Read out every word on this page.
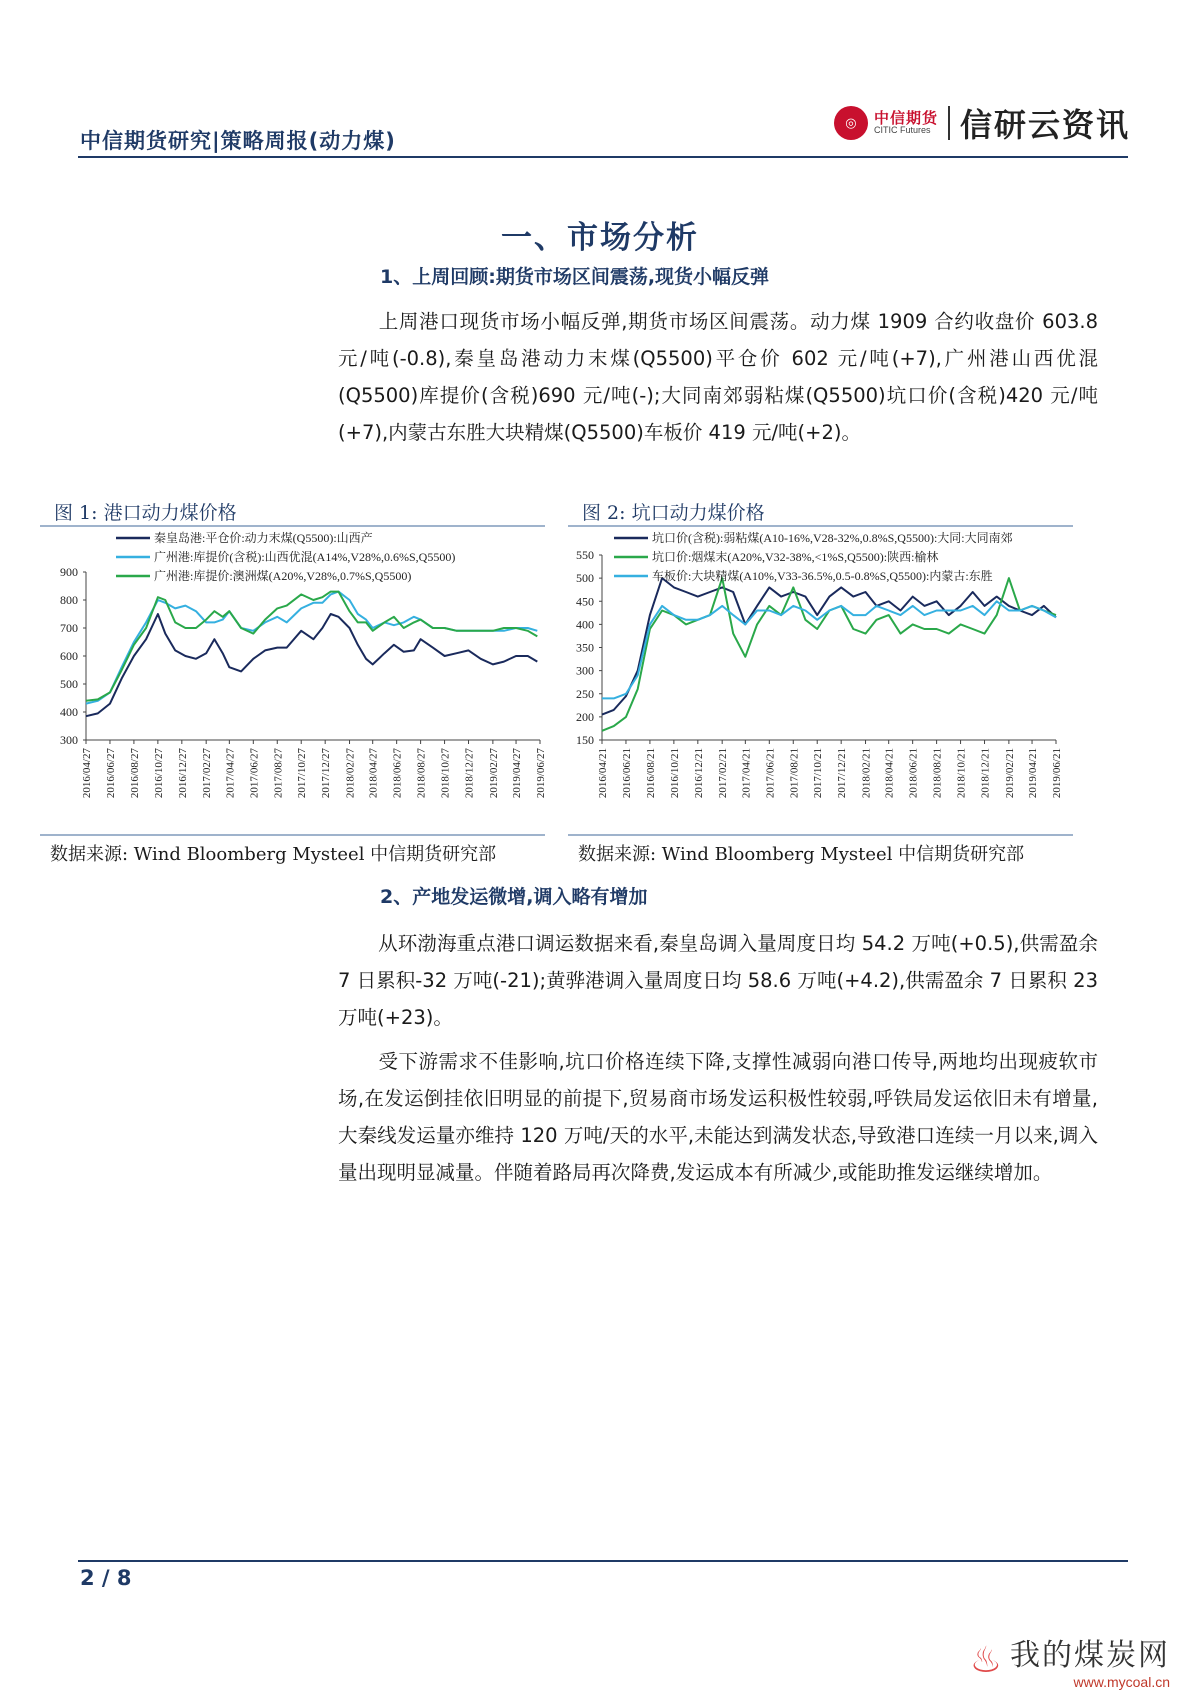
中信期货研究|策略周报(动力煤)
◎	中信期货
CITIC Futures 信研云资讯
一、市场分析
1、上周回顾:期货市场区间震荡,现货小幅反弹
上周港口现货市场小幅反弹,期货市场区间震荡。动力煤 1909 合约收盘价 603.8 元/吨(-0.8),秦皇岛港动力末煤(Q5500)平仓价 602 元/吨(+7),广州港山西优混(Q5500)库提价(含税)690 元/吨(-);大同南郊弱粘煤(Q5500)坑口价(含税)420 元/吨(+7),内蒙古东胜大块精煤(Q5500)车板价 419 元/吨(+2)。
图 1: 港口动力煤价格	图 2: 坑口动力煤价格
300
400
500
600
700
800
900
2016/04/27 2016/06/27 2016/08/27 2016/10/27 2016/12/27 2017/02/27 2017/04/27 2017/06/27 2017/08/27 2017/10/27 2017/12/27 2018/02/27 2018/04/27 2018/06/27 2018/08/27 2018/10/27 2018/12/27 2019/02/27 2019/04/27 2019/06/27
秦皇岛港:平仓价:动力末煤(Q5500):山西产
广州港:库提价(含税):山西优混(A14%,V28%,0.6%S,Q5500)
广州港:库提价:澳洲煤(A20%,V28%,0.7%S,Q5500)
150
200
250
300
350
400
450
500
550
2016/04/21 2016/06/21 2016/08/21 2016/10/21 2016/12/21 2017/02/21 2017/04/21 2017/06/21 2017/08/21 2017/10/21 2017/12/21 2018/02/21 2018/04/21 2018/06/21 2018/08/21 2018/10/21 2018/12/21 2019/02/21 2019/04/21 2019/06/21
坑口价(含税):弱粘煤(A10-16%,V28-32%,0.8%S,Q5500):大同:大同南郊
坑口价:烟煤末(A20%,V32-38%,<1%S,Q5500):陕西:榆林
车板价:大块精煤(A10%,V33-36.5%,0.5-0.8%S,Q5500):内蒙古:东胜
数据来源: Wind Bloomberg Mysteel 中信期货研究部	数据来源: Wind Bloomberg Mysteel 中信期货研究部
2、产地发运微增,调入略有增加
从环渤海重点港口调运数据来看,秦皇岛调入量周度日均 54.2 万吨(+0.5),供需盈余 7 日累积-32 万吨(-21);黄骅港调入量周度日均 58.6 万吨(+4.2),供需盈余 7 日累积 23 万吨(+23)。
受下游需求不佳影响,坑口价格连续下降,支撑性减弱向港口传导,两地均出现疲软市场,在发运倒挂依旧明显的前提下,贸易商市场发运积极性较弱,呼铁局发运依旧未有增量,大秦线发运量亦维持 120 万吨/天的水平,未能达到满发状态,导致港口连续一月以来,调入量出现明显减量。伴随着路局再次降费,发运成本有所减少,或能助推发运继续增加。
2 / 8
♨ 我的煤炭网
www.mycoal.cn
